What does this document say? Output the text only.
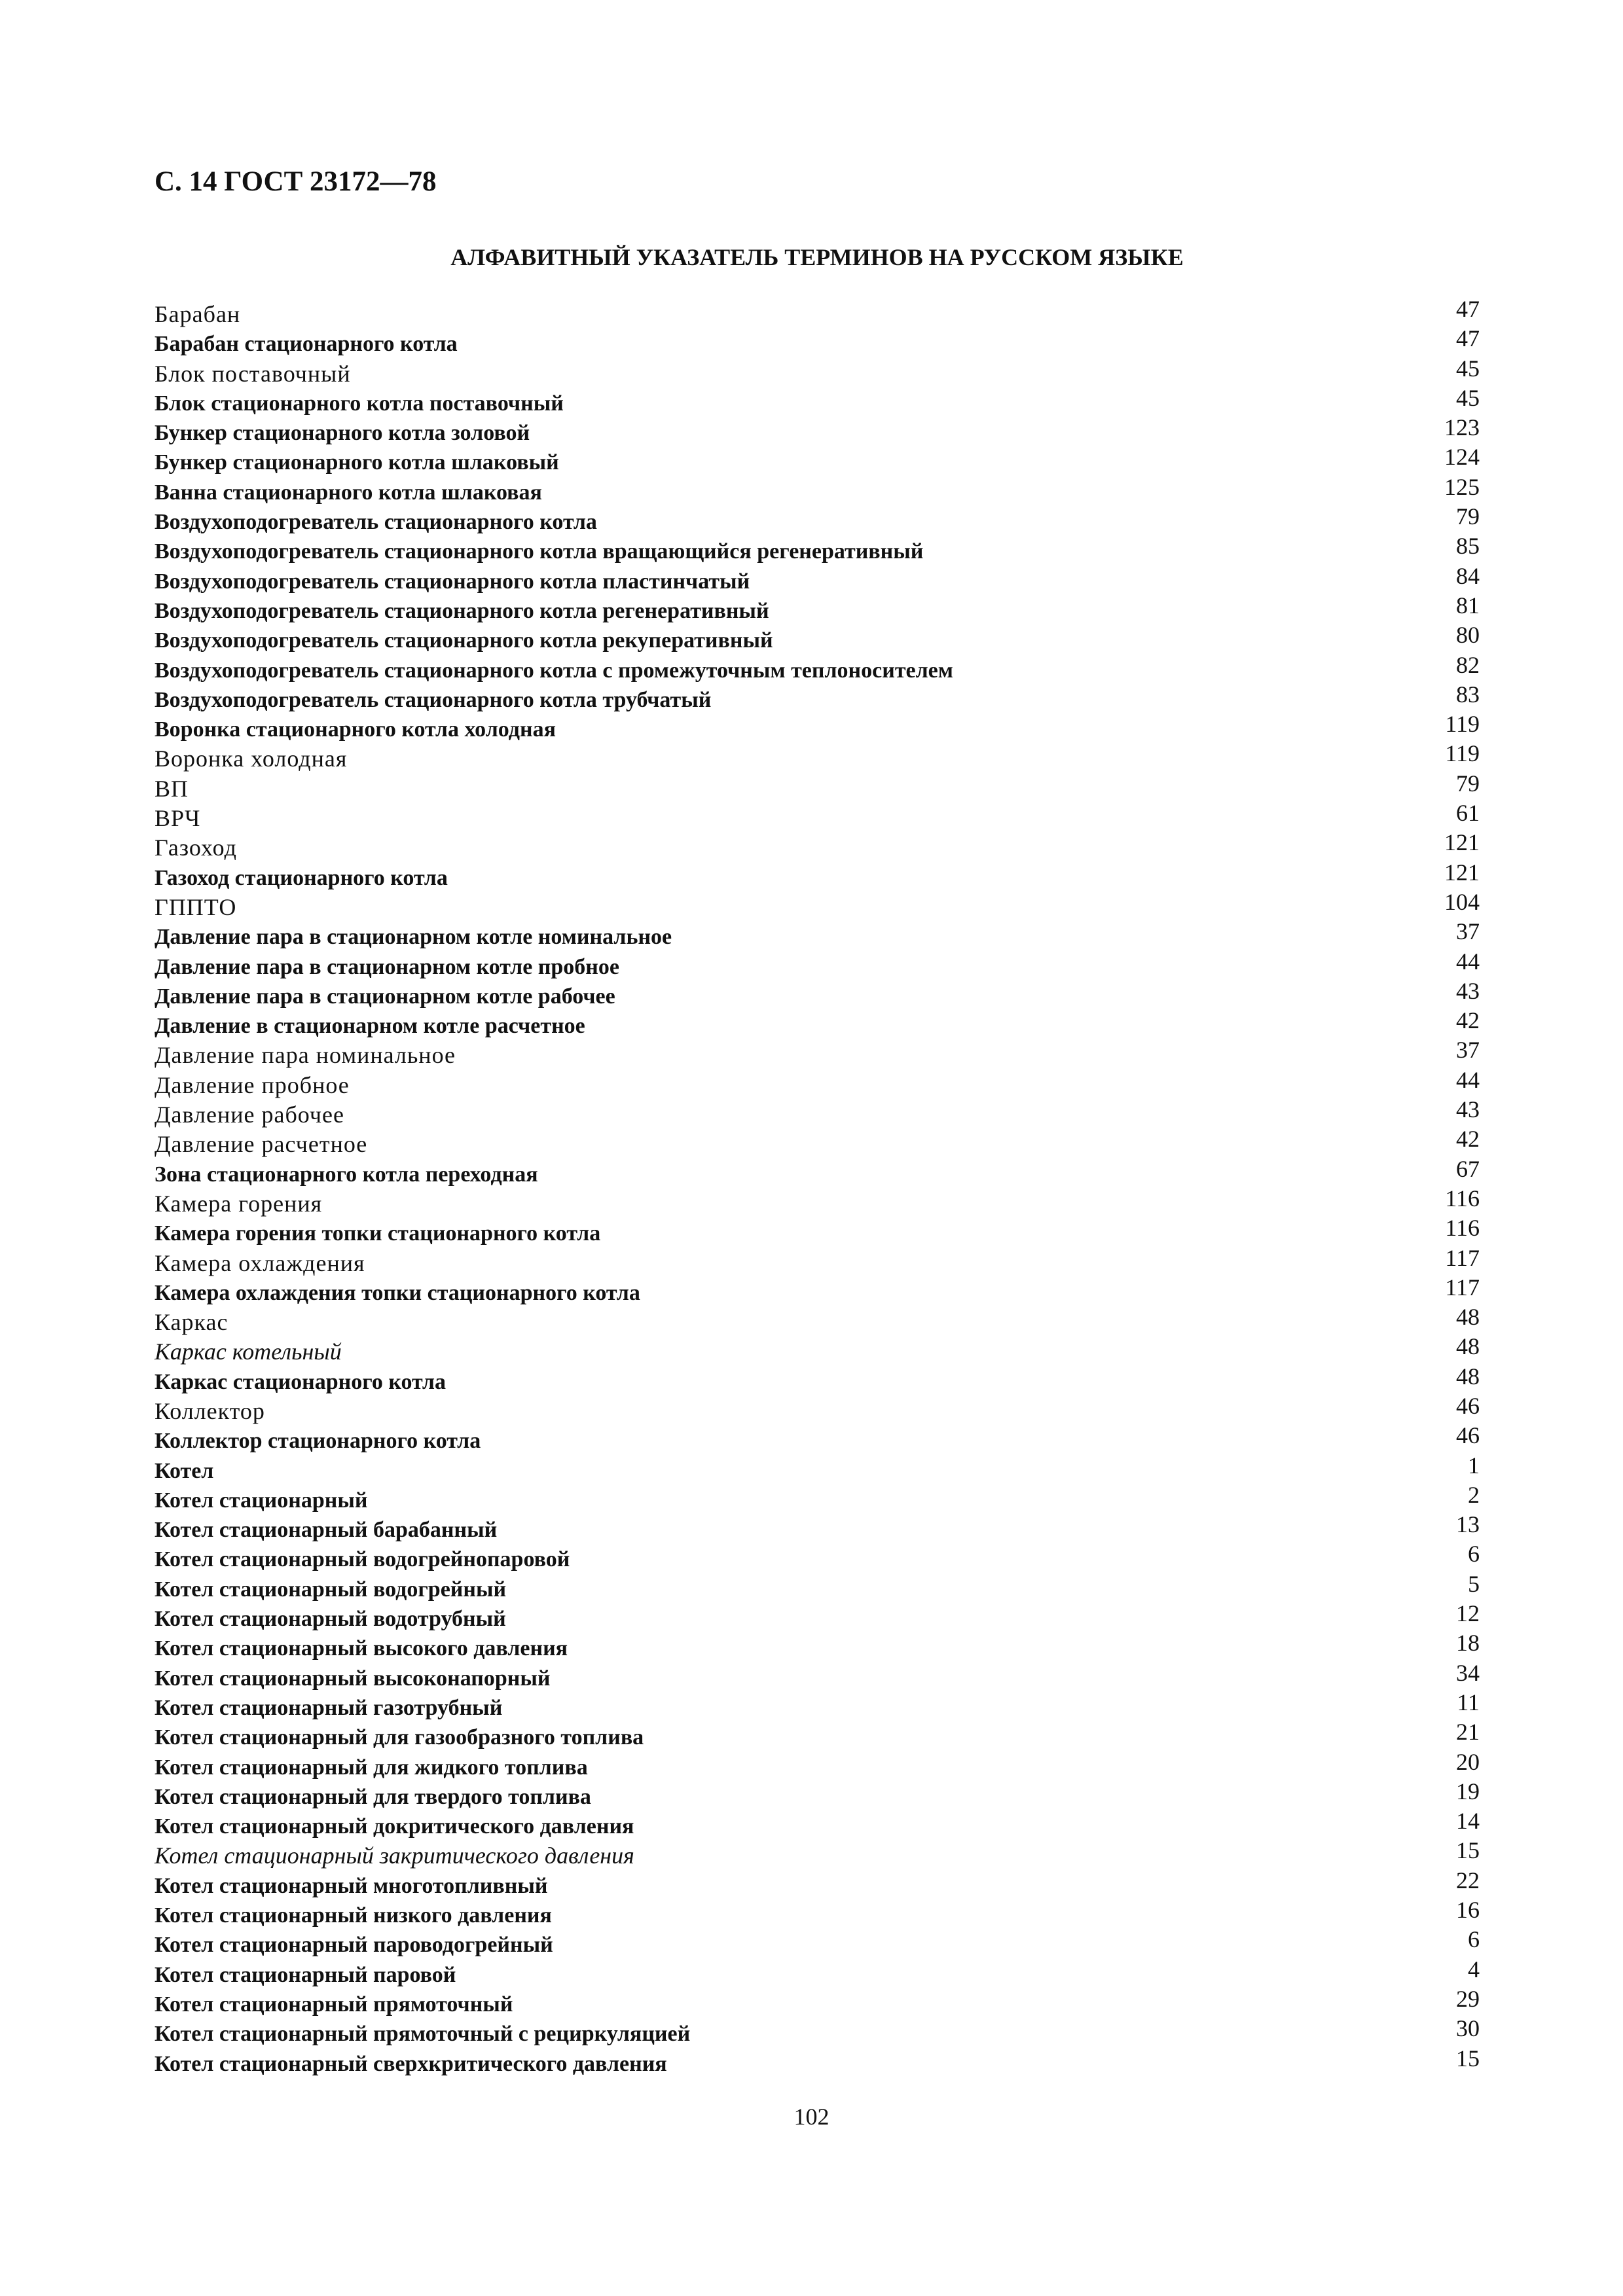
С. 14 ГОСТ 23172—78
АЛФАВИТНЫЙ УКАЗАТЕЛЬ ТЕРМИНОВ НА РУССКОМ ЯЗЫКЕ
Барабан	47
Барабан стационарного котла	47
Блок поставочный	45
Блок стационарного котла поставочный	45
Бункер стационарного котла золовой	123
Бункер стационарного котла шлаковый	124
Ванна стационарного котла шлаковая	125
Воздухоподогреватель стационарного котла	79
Воздухоподогреватель стационарного котла вращающийся регенеративный	85
Воздухоподогреватель стационарного котла пластинчатый	84
Воздухоподогреватель стационарного котла регенеративный	81
Воздухоподогреватель стационарного котла рекуперативный	80
Воздухоподогреватель стационарного котла с промежуточным теплоносителем	82
Воздухоподогреватель стационарного котла трубчатый	83
Воронка стационарного котла холодная	119
Воронка холодная	119
ВП	79
ВРЧ	61
Газоход	121
Газоход стационарного котла	121
ГППТО	104
Давление пара в стационарном котле номинальное	37
Давление пара в стационарном котле пробное	44
Давление пара в стационарном котле рабочее	43
Давление в стационарном котле расчетное	42
Давление пара номинальное	37
Давление пробное	44
Давление рабочее	43
Давление расчетное	42
Зона стационарного котла переходная	67
Камера горения	116
Камера горения топки стационарного котла	116
Камера охлаждения	117
Камера охлаждения топки стационарного котла	117
Каркас	48
Каркас котельный	48
Каркас стационарного котла	48
Коллектор	46
Коллектор стационарного котла	46
Котел	1
Котел стационарный	2
Котел стационарный барабанный	13
Котел стационарный водогрейнопаровой	6
Котел стационарный водогрейный	5
Котел стационарный водотрубный	12
Котел стационарный высокого давления	18
Котел стационарный высоконапорный	34
Котел стационарный газотрубный	11
Котел стационарный для газообразного топлива	21
Котел стационарный для жидкого топлива	20
Котел стационарный для твердого топлива	19
Котел стационарный докритического давления	14
Котел стационарный закритического давления	15
Котел стационарный многотопливный	22
Котел стационарный низкого давления	16
Котел стационарный пароводогрейный	6
Котел стационарный паровой	4
Котел стационарный прямоточный	29
Котел стационарный прямоточный с рециркуляцией	30
Котел стационарный сверхкритического давления	15
102
